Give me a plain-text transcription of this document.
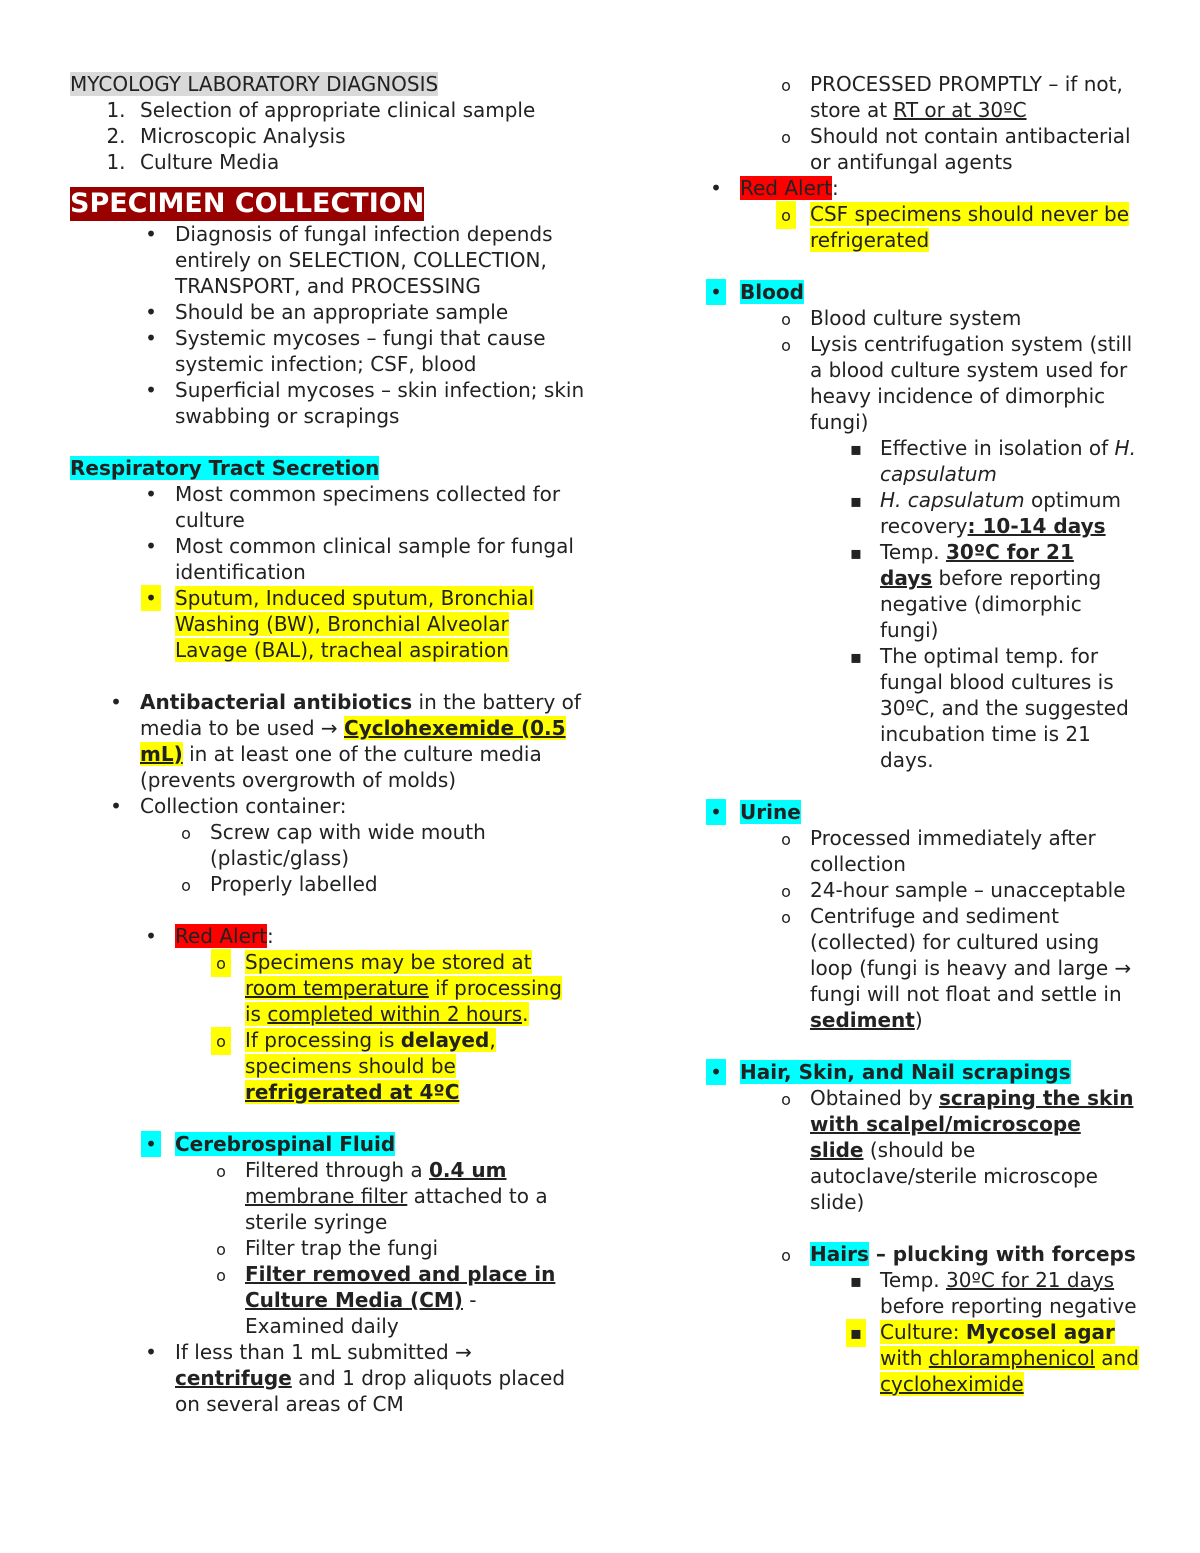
MYCOLOGY LABORATORY DIAGNOSIS
1. Selection of appropriate clinical sample
2. Microscopic Analysis
1. Culture Media
SPECIMEN COLLECTION
•
Diagnosis of fungal infection depends
entirely on SELECTION, COLLECTION,
TRANSPORT, and PROCESSING
•
Should be an appropriate sample
•
Systemic mycoses – fungi that cause
systemic infection; CSF, blood
•
Superficial mycoses – skin infection; skin
swabbing or scrapings
Respiratory Tract Secretion
•
Most common specimens collected for
culture
•
Most common clinical sample for fungal
identification
•
Sputum, Induced sputum, Bronchial
Washing (BW), Bronchial Alveolar
Lavage (BAL), tracheal aspiration
•
Antibacterial antibiotics in the battery of
media to be used → Cyclohexemide (0.5
mL) in at least one of the culture media
(prevents overgrowth of molds)
•
Collection container:
o
Screw cap with wide mouth
(plastic/glass)
o
Properly labelled
•
Red Alert:
o
Specimens may be stored at
room temperature if processing
is completed within 2 hours.
o
If processing is delayed,
specimens should be
refrigerated at 4ºC
•
Cerebrospinal Fluid
o
Filtered through a 0.4 um
membrane filter attached to a
sterile syringe
o
Filter trap the fungi
o
Filter removed and place in
Culture Media (CM) -
Examined daily
•
If less than 1 mL submitted →
centrifuge and 1 drop aliquots placed
on several areas of CM
o
PROCESSED PROMPTLY – if not,
store at RT or at 30ºC
o
Should not contain antibacterial
or antifungal agents
•
Red Alert:
o
CSF specimens should never be
refrigerated
•
Blood
o
Blood culture system
o
Lysis centrifugation system (still
a blood culture system used for
heavy incidence of dimorphic
fungi)
▪
Effective in isolation of H.
capsulatum
▪
H. capsulatum optimum
recovery: 10-14 days
▪
Temp. 30ºC for 21
days before reporting
negative (dimorphic
fungi)
▪
The optimal temp. for
fungal blood cultures is
30ºC, and the suggested
incubation time is 21
days.
•
Urine
o
Processed immediately after
collection
o
24-hour sample – unacceptable
o
Centrifuge and sediment
(collected) for cultured using
loop (fungi is heavy and large →
fungi will not float and settle in
sediment)
•
Hair, Skin, and Nail scrapings
o
Obtained by scraping the skin
with scalpel/microscope
slide (should be
autoclave/sterile microscope
slide)
o
Hairs – plucking with forceps
▪
Temp. 30ºC for 21 days
before reporting negative
▪
Culture: Mycosel agar
with chloramphenicol and
cycloheximide
